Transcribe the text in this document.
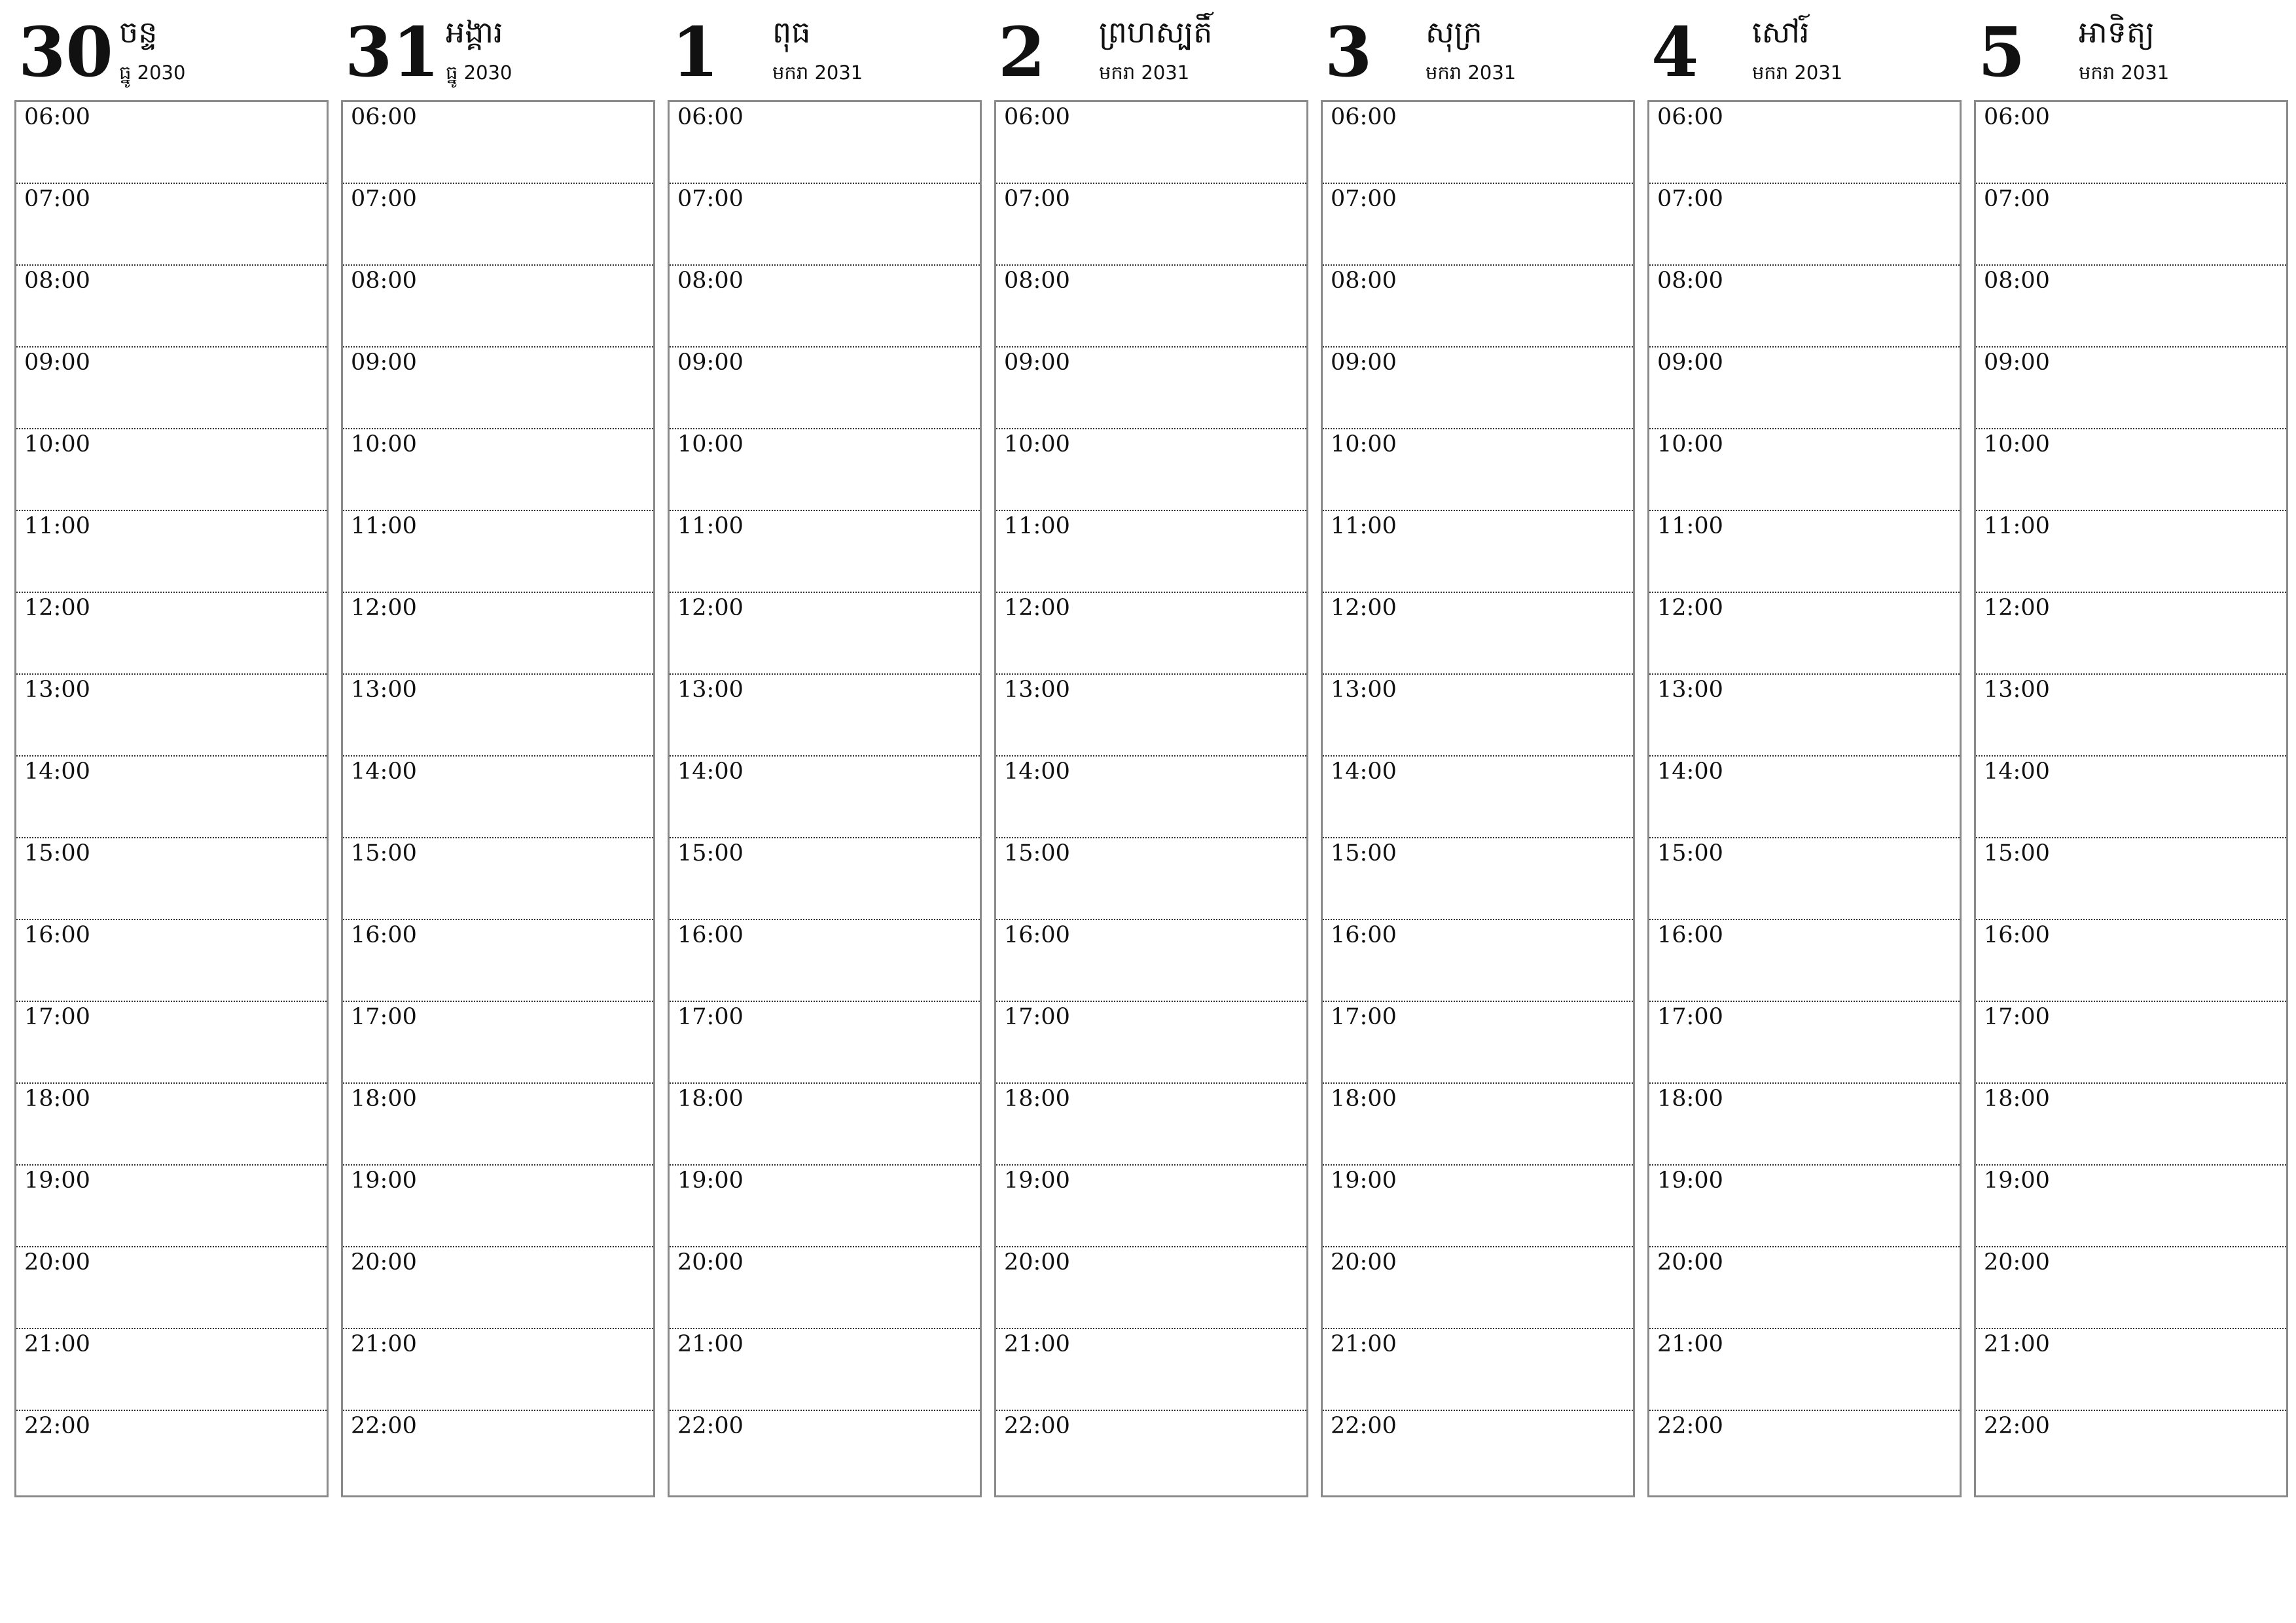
30 ចន្ទ
ធ្នូ 2030
06:00
07:00
08:00
09:00
10:00
11:00
12:00
13:00
14:00
15:00
16:00
17:00
18:00
19:00
20:00
21:00
22:00
31 អង្គារ
ធ្នូ 2030
06:00
07:00
08:00
09:00
10:00
11:00
12:00
13:00
14:00
15:00
16:00
17:00
18:00
19:00
20:00
21:00
22:00
1 ពុធ
មករា 2031
06:00
07:00
08:00
09:00
10:00
11:00
12:00
13:00
14:00
15:00
16:00
17:00
18:00
19:00
20:00
21:00
22:00
2 ព្រហស្បតិ៍
មករា 2031
06:00
07:00
08:00
09:00
10:00
11:00
12:00
13:00
14:00
15:00
16:00
17:00
18:00
19:00
20:00
21:00
22:00
3 សុក្រ
មករា 2031
06:00
07:00
08:00
09:00
10:00
11:00
12:00
13:00
14:00
15:00
16:00
17:00
18:00
19:00
20:00
21:00
22:00
4 សៅរ៍
មករា 2031
06:00
07:00
08:00
09:00
10:00
11:00
12:00
13:00
14:00
15:00
16:00
17:00
18:00
19:00
20:00
21:00
22:00
5 អាទិត្យ
មករា 2031
06:00
07:00
08:00
09:00
10:00
11:00
12:00
13:00
14:00
15:00
16:00
17:00
18:00
19:00
20:00
21:00
22:00
